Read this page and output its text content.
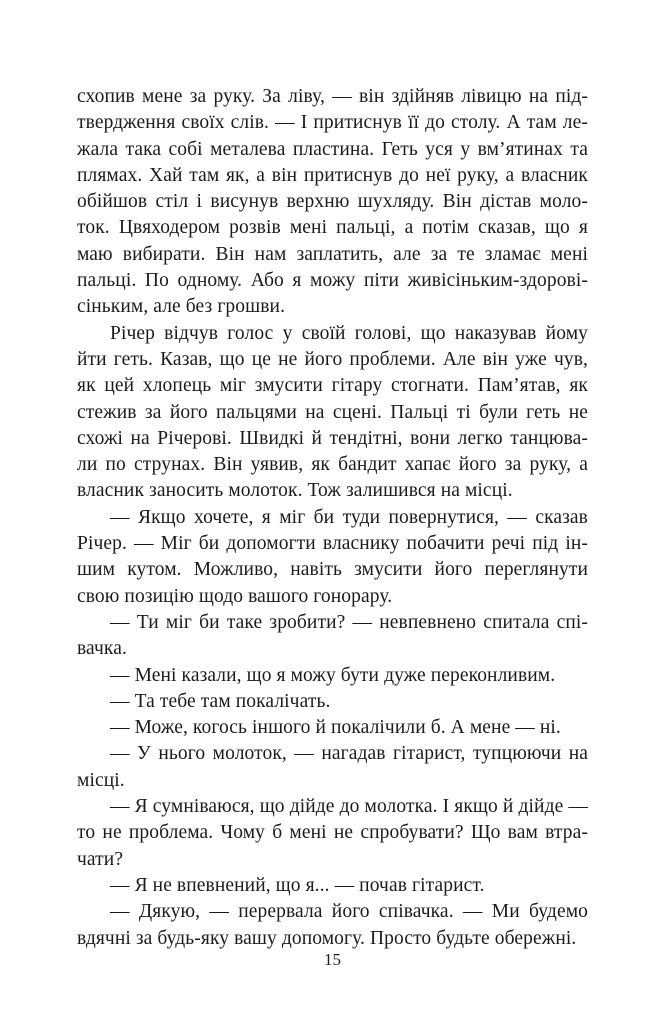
схопив мене за руку. За ліву, — він здійняв лівицю на під-
твердження своїх слів. — І притиснув її до столу. А там ле-
жала така собі металева пластина. Геть уся у вм’ятинах та
плямах. Хай там як, а він притиснув до неї руку, а власник
обійшов стіл і висунув верхню шухляду. Він дістав моло-
ток. Цвяходером розвів мені пальці, а потім сказав, що я
маю вибирати. Він нам заплатить, але за те зламає мені
пальці. По одному. Або я можу піти живісіньким-здорові-
сіньким, але без грошви.
Річер відчув голос у своїй голові, що наказував йому
йти геть. Казав, що це не його проблеми. Але він уже чув,
як цей хлопець міг змусити гітару стогнати. Пам’ятав, як
стежив за його пальцями на сцені. Пальці ті були геть не
схожі на Річерові. Швидкі й тендітні, вони легко танцюва-
ли по струнах. Він уявив, як бандит хапає його за руку, а
власник заносить молоток. Тож залишився на місці.
— Якщо хочете, я міг би туди повернутися, — сказав
Річер. — Міг би допомогти власнику побачити речі під ін-
шим кутом. Можливо, навіть змусити його переглянути
свою позицію щодо вашого гонорару.
— Ти міг би таке зробити? — невпевнено спитала спі-
вачка.
— Мені казали, що я можу бути дуже переконливим.
— Та тебе там покалічать.
— Може, когось іншого й покалічили б. А мене — ні.
— У нього молоток, — нагадав гітарист, тупцюючи на
місці.
— Я сумніваюся, що дійде до молотка. І якщо й дійде —
то не проблема. Чому б мені не спробувати? Що вам втра-
чати?
— Я не впевнений, що я... — почав гітарист.
— Дякую, — перервала його співачка. — Ми будемо
вдячні за будь-яку вашу допомогу. Просто будьте обережні.
15
